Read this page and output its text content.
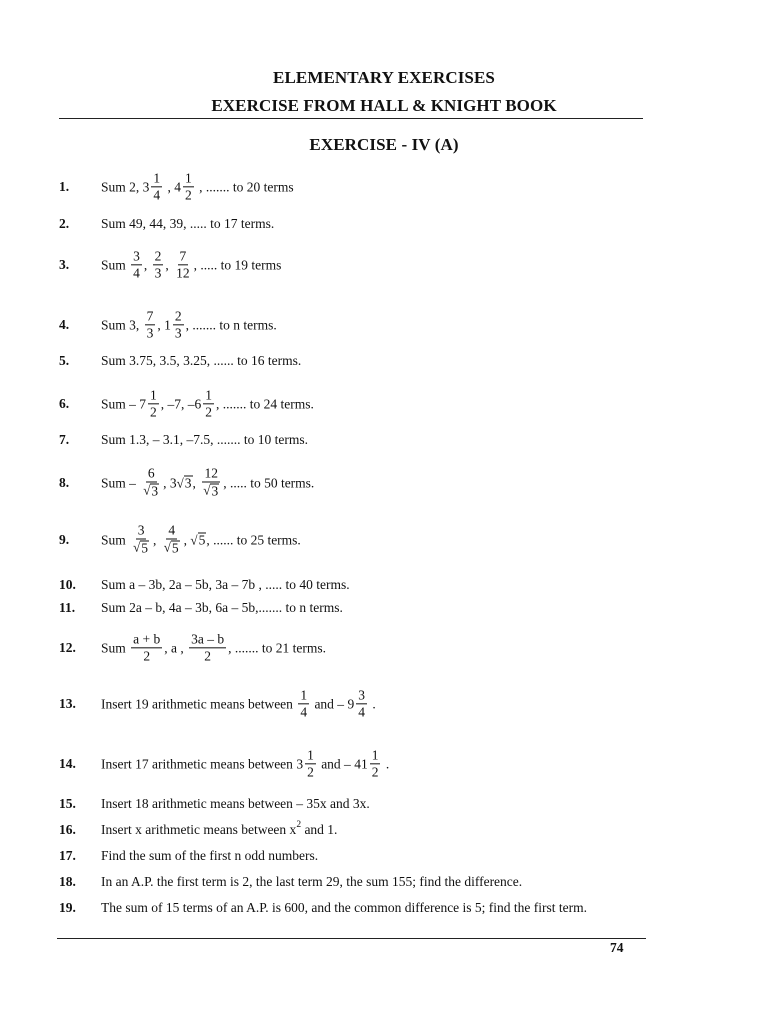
ELEMENTARY EXERCISES
EXERCISE FROM HALL & KNIGHT BOOK
EXERCISE - IV (A)
1.	Sum 2, $3 \frac{1}{4}$ , $4 \frac{1}{2}$ , ....... to 20 terms
2.	Sum 49, 44, 39, ..... to 17 terms.
3.	Sum $\frac{3}{4}$ , $\frac{2}{3}$ , $\frac{7}{12}$ , ..... to 19 terms
4.	Sum 3, $\frac{7}{3}$ , $1 \frac{2}{3}$ , ....... to n terms.
5.	Sum 3.75, 3.5, 3.25, ...... to 16 terms.
6.	Sum – $7 \frac{1}{2}$ , –7, – $6 \frac{1}{2}$ , ....... to 24 terms.
7.	Sum 1.3, – 3.1, –7.5, ....... to 10 terms.
8.	Sum – $\frac{6}{√ 3}$ , 3 √ 3 , $\frac{12}{√ 3}$ , ..... to 50 terms.
9.	Sum $\frac{3}{√ 5}$ , $\frac{4}{√ 5}$ , √ 5 , ...... to 25 terms.
10.	Sum a – 3b, 2a – 5b, 3a – 7b , ..... to 40 terms.
11.	Sum 2a – b, 4a – 3b, 6a – 5b,....... to n terms.
12.	Sum $\frac{a + b}{2}$ , a , $\frac{3a - b}{2}$ , ....... to 21 terms.
13.	Insert 19 arithmetic means between $\frac{1}{4}$ and – $9 \frac{3}{4}$ .
14.	Insert 17 arithmetic means between $3 \frac{1}{2}$ and – $41 \frac{1}{2}$ .
15.	Insert 18 arithmetic means between – 35x and 3x.
16.	Insert x arithmetic means between x 2 and 1.
17.	Find the sum of the first n odd numbers.
18.	In an A.P. the first term is 2, the last term 29, the sum 155; find the difference.
19.	The sum of 15 terms of an A.P. is 600, and the common difference is 5; find the first term.
74
